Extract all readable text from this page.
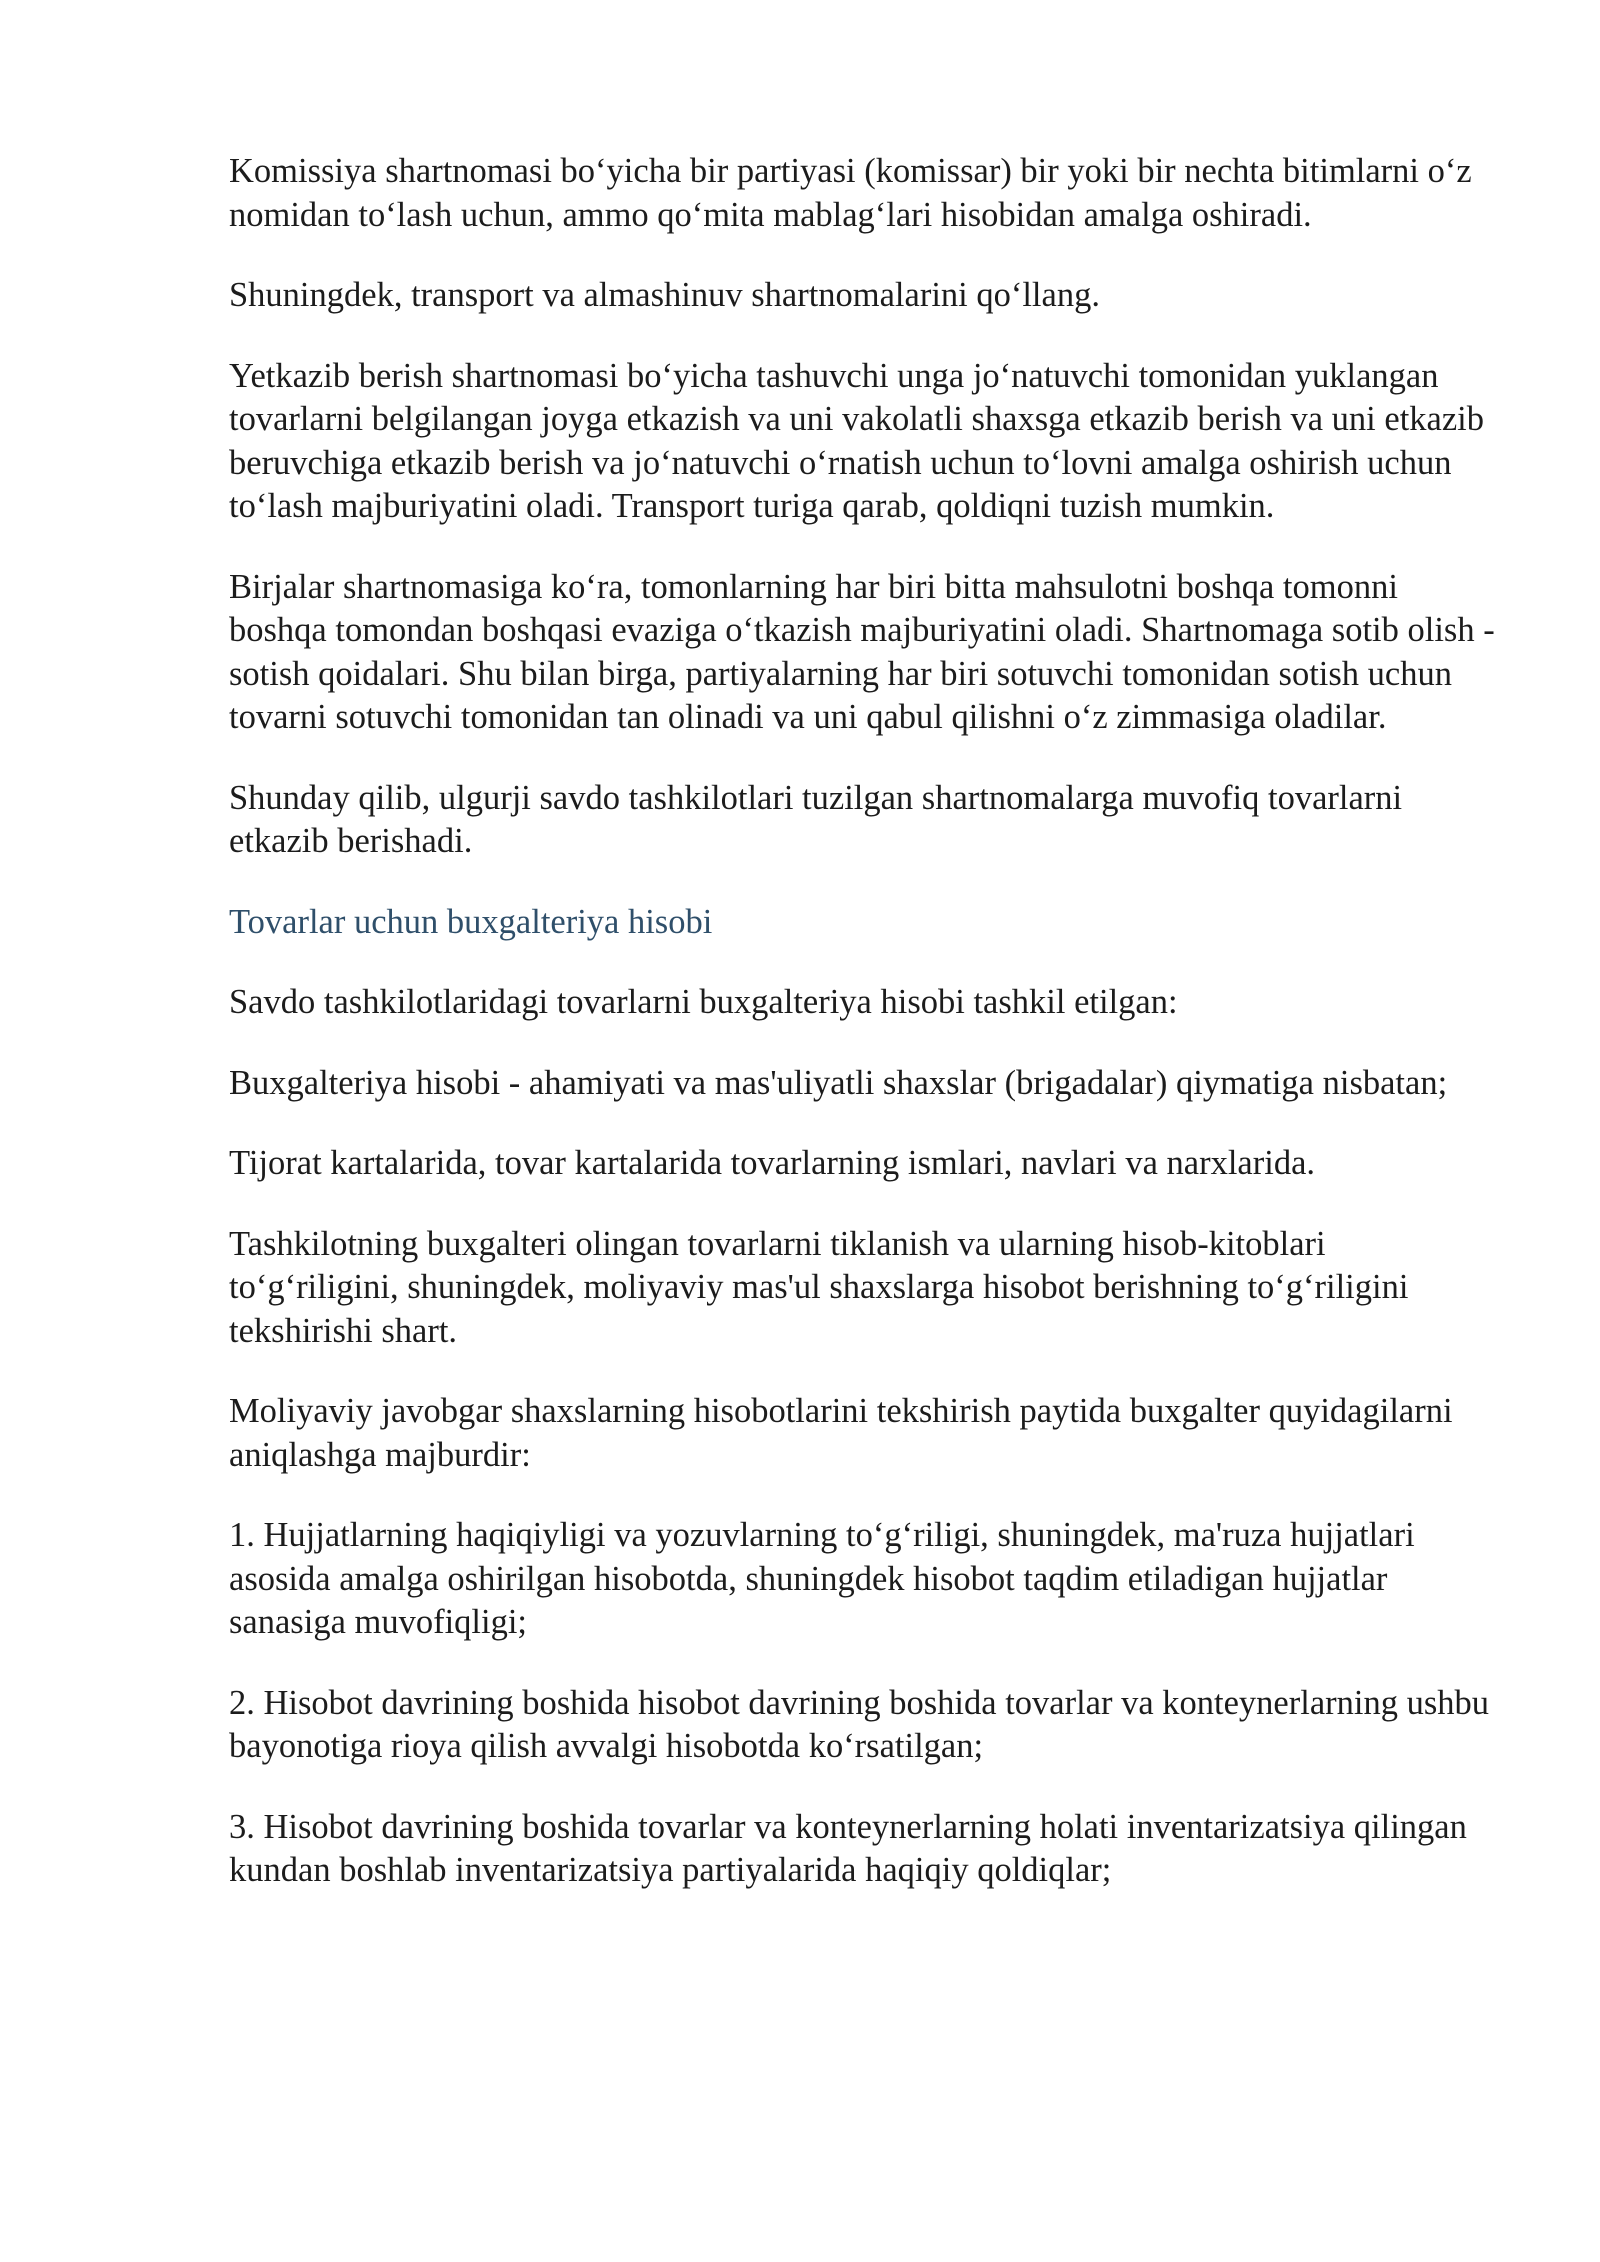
Komissiya shartnomasi bo‘yicha bir partiyasi (komissar) bir yoki bir nechta bitimlarni o‘z nomidan to‘lash uchun, ammo qo‘mita mablag‘lari hisobidan amalga oshiradi.

Shuningdek, transport va almashinuv shartnomalarini qo‘llang.

Yetkazib berish shartnomasi bo‘yicha tashuvchi unga jo‘natuvchi tomonidan yuklangan tovarlarni belgilangan joyga etkazish va uni vakolatli shaxsga etkazib berish va uni etkazib beruvchiga etkazib berish va jo‘natuvchi o‘rnatish uchun to‘lovni amalga oshirish uchun to‘lash majburiyatini oladi. Transport turiga qarab, qoldiqni tuzish mumkin.

Birjalar shartnomasiga ko‘ra, tomonlarning har biri bitta mahsulotni boshqa tomonni boshqa tomondan boshqasi evaziga o‘tkazish majburiyatini oladi. Shartnomaga sotib olish - sotish qoidalari. Shu bilan birga, partiyalarning har biri sotuvchi tomonidan sotish uchun tovarni sotuvchi tomonidan tan olinadi va uni qabul qilishni o‘z zimmasiga oladilar.

Shunday qilib, ulgurji savdo tashkilotlari tuzilgan shartnomalarga muvofiq tovarlarni etkazib berishadi.

Tovarlar uchun buxgalteriya hisobi

Savdo tashkilotlaridagi tovarlarni buxgalteriya hisobi tashkil etilgan:

Buxgalteriya hisobi - ahamiyati va mas'uliyatli shaxslar (brigadalar) qiymatiga nisbatan;

Tijorat kartalarida, tovar kartalarida tovarlarning ismlari, navlari va narxlarida.

Tashkilotning buxgalteri olingan tovarlarni tiklanish va ularning hisob-kitoblari to‘g‘riligini, shuningdek, moliyaviy mas'ul shaxslarga hisobot berishning to‘g‘riligini tekshirishi shart.

Moliyaviy javobgar shaxslarning hisobotlarini tekshirish paytida buxgalter quyidagilarni aniqlashga majburdir:

1. Hujjatlarning haqiqiyligi va yozuvlarning to‘g‘riligi, shuningdek, ma'ruza hujjatlari asosida amalga oshirilgan hisobotda, shuningdek hisobot taqdim etiladigan hujjatlar sanasiga muvofiqligi;

2. Hisobot davrining boshida hisobot davrining boshida tovarlar va konteynerlarning ushbu bayonotiga rioya qilish avvalgi hisobotda ko‘rsatilgan;

3. Hisobot davrining boshida tovarlar va konteynerlarning holati inventarizatsiya qilingan kundan boshlab inventarizatsiya partiyalarida haqiqiy qoldiqlar;
